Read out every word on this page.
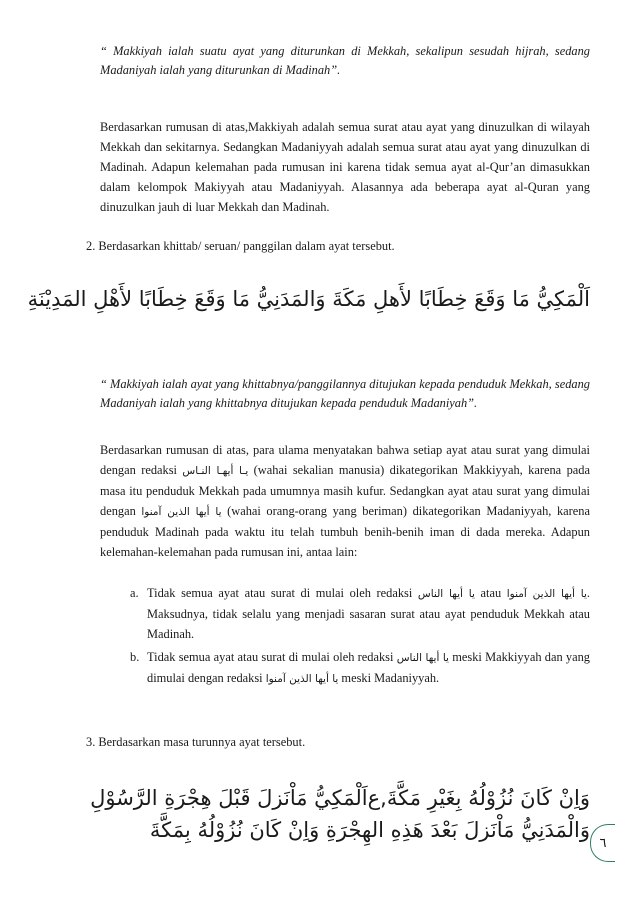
“ Makkiyah ialah suatu ayat yang diturunkan di Mekkah, sekalipun sesudah hijrah, sedang Madaniyah ialah yang diturunkan di Madinah”.
Berdasarkan rumusan di atas,Makkiyah adalah semua surat atau ayat yang dinuzulkan di wilayah Mekkah dan sekitarnya. Sedangkan Madaniyyah adalah semua surat atau ayat yang dinuzulkan di Madinah. Adapun kelemahan pada rumusan ini karena tidak semua ayat al-Qur’an dimasukkan dalam kelompok Makiyyah atau Madaniyyah. Alasannya ada beberapa ayat al-Quran yang dinuzulkan jauh di luar Mekkah dan Madinah.
2. Berdasarkan khittab/ seruan/ panggilan dalam ayat tersebut.
اَلْمَكِيُّ مَا وَقَعَ خِطَابًا لأَهلِ مَكَةَ وَالمَدَنِيُّ مَا وَقَعَ خِطَابًا لأَهْلِ المَدِيْنَةِ
“ Makkiyah ialah ayat yang khittabnya/panggilannya ditujukan kepada penduduk Mekkah, sedang Madaniyah ialah yang khittabnya ditujukan kepada penduduk Madaniyah”.
Berdasarkan rumusan di atas, para ulama menyatakan bahwa setiap ayat atau surat yang dimulai dengan redaksi يـا أيهـا النـاس (wahai sekalian manusia) dikategorikan Makkiyyah, karena pada masa itu penduduk Mekkah pada umumnya masih kufur. Sedangkan ayat atau surat yang dimulai dengan يا أيها الذين آمنوا (wahai orang-orang yang beriman) dikategorikan Madaniyyah, karena penduduk Madinah pada waktu itu telah tumbuh benih-benih iman di dada mereka. Adapun kelemahan-kelemahan pada rumusan ini, antaa lain:
a. Tidak semua ayat atau surat di mulai oleh redaksi يا أيها الناس atau يا أيها الذين آمنوا. Maksudnya, tidak selalu yang menjadi sasaran surat atau ayat penduduk Mekkah atau Madinah.
b. Tidak semua ayat atau surat di mulai oleh redaksi يا أيها الناس meski Makkiyyah dan yang dimulai dengan redaksi يا أيها الذين آمنوا meski Madaniyyah.
3. Berdasarkan masa turunnya ayat tersebut.
وَاِنْ كَانَ نُزُوْلُهُ بِغَيْرِ مَكَّةَ,ﻉاَلْمَكِيُّ مَاْنَزلَ قَبْلَ هِجْرَةِ الرَّسُوْلِ
وَالْمَدَنِيُّ مَاْنَزلَ بَعْدَ هَذِهِ الهِجْرَةِ وَاِنْ كَانَ نُزُوْلُهُ بِمَكَّةَ
٦
